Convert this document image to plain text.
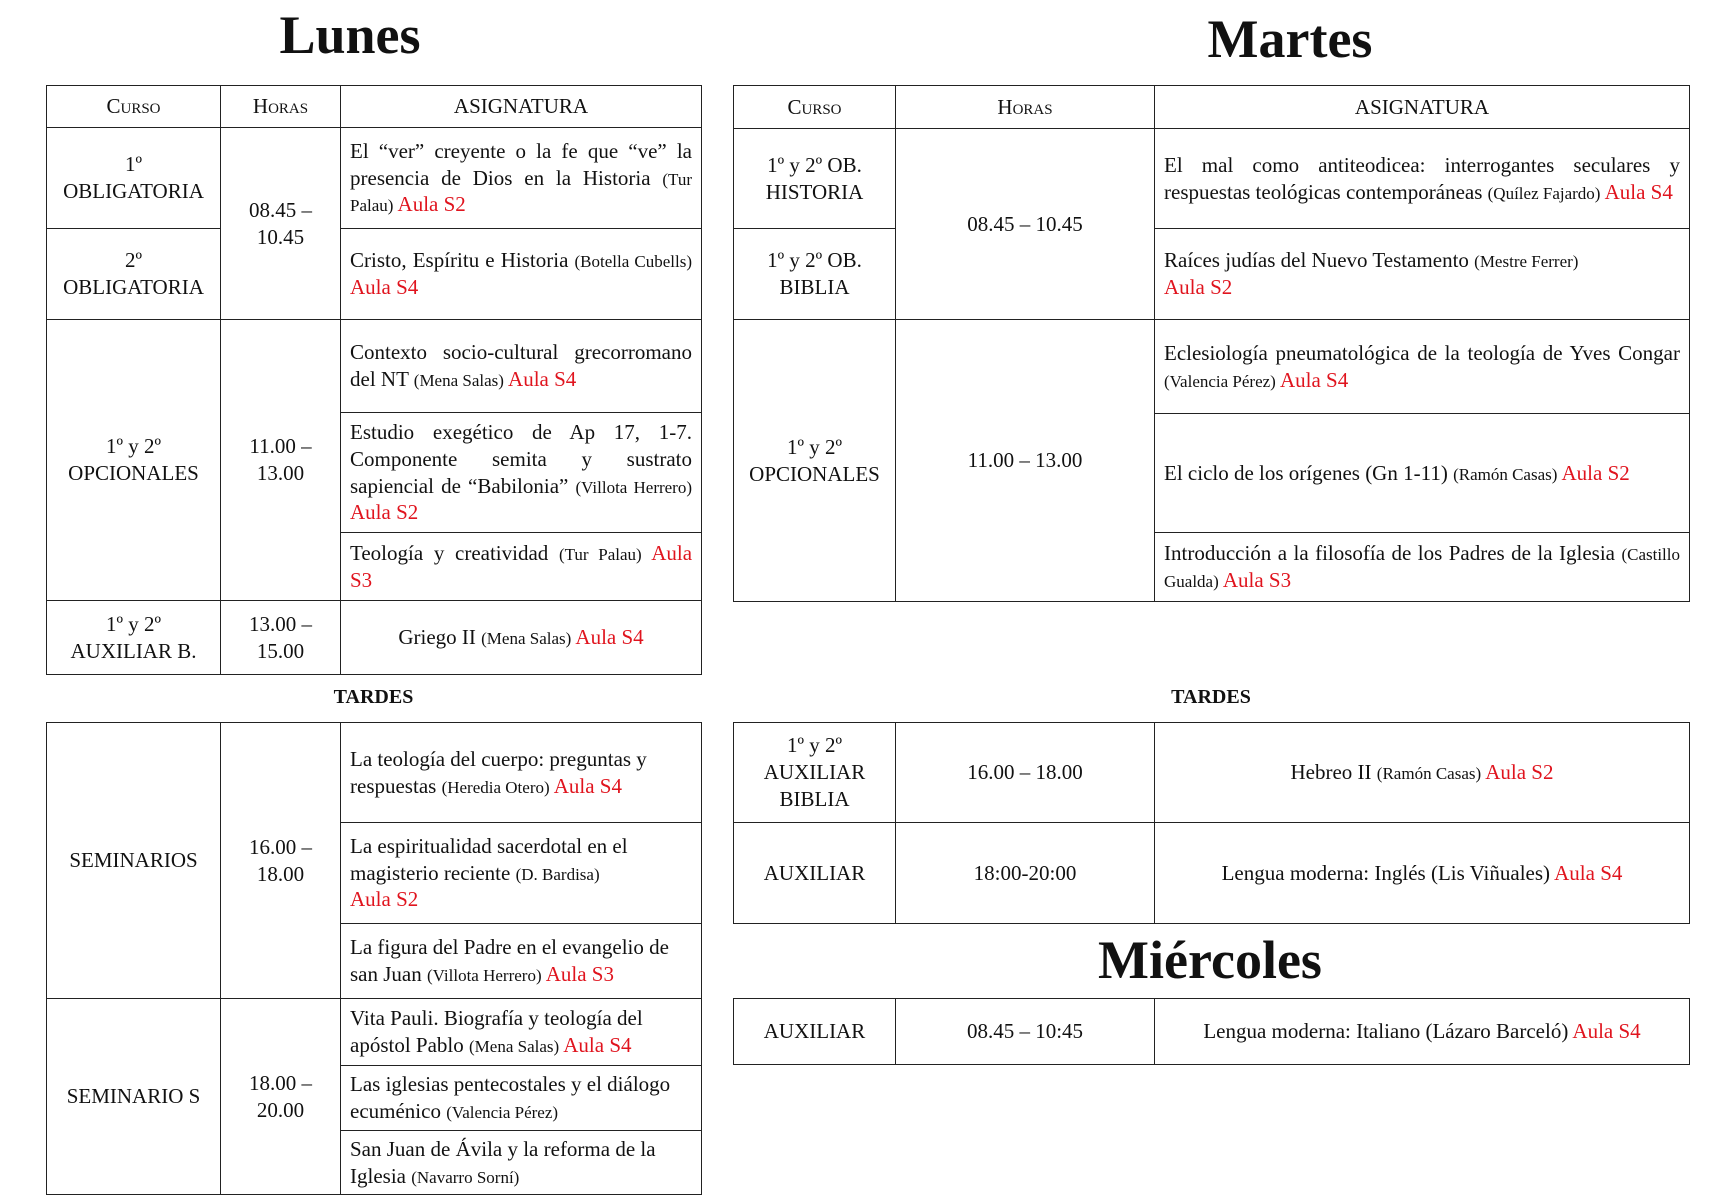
Lunes
Curso	Horas	ASIGNATURA
1º OBLIGATORIA	08.45 – 10.45	El “ver” creyente o la fe que “ve” la presencia de Dios en la Historia (Tur Palau) Aula S2
2º OBLIGATORIA		Cristo, Espíritu e Historia (Botella Cubells) Aula S4
1º y 2º OPCIONALES	11.00 – 13.00	Contexto socio-cultural grecorromano del NT (Mena Salas) Aula S4
		Estudio exegético de Ap 17, 1-7. Componente semita y sustrato sapiencial de “Babilonia” (Villota Herrero) Aula S2
		Teología y creatividad (Tur Palau) Aula S3
1º y 2º AUXILIAR B.	13.00 – 15.00	Griego II (Mena Salas) Aula S4
TARDES
SEMINARIOS	16.00 – 18.00	La teología del cuerpo: preguntas y respuestas (Heredia Otero) Aula S4
		La espiritualidad sacerdotal en el magisterio reciente (D. Bardisa)
Aula S2
		La figura del Padre en el evangelio de san Juan (Villota Herrero) Aula S3
SEMINARIO S	18.00 – 20.00	Vita Pauli. Biografía y teología del apóstol Pablo (Mena Salas) Aula S4
		Las iglesias pentecostales y el diálogo ecuménico (Valencia Pérez)
		San Juan de Ávila y la reforma de la Iglesia (Navarro Sorní)
Martes
Curso	Horas	ASIGNATURA
1º y 2º OB. HISTORIA	08.45 – 10.45	El mal como antiteodicea: interrogantes seculares y respuestas teológicas contemporáneas (Quílez Fajardo) Aula S4
1º y 2º OB. BIBLIA		Raíces judías del Nuevo Testamento (Mestre Ferrer)
Aula S2
1º y 2º OPCIONALES	11.00 – 13.00	Eclesiología pneumatológica de la teología de Yves Congar (Valencia Pérez) Aula S4
		El ciclo de los orígenes (Gn 1-11) (Ramón Casas) Aula S2
		Introducción a la filosofía de los Padres de la Iglesia (Castillo Gualda) Aula S3
TARDES
1º y 2º AUXILIAR BIBLIA	16.00 – 18.00	Hebreo II (Ramón Casas) Aula S2
AUXILIAR	18:00-20:00	Lengua moderna: Inglés (Lis Viñuales) Aula S4
Miércoles
AUXILIAR	08.45 – 10:45	Lengua moderna: Italiano (Lázaro Barceló) Aula S4
